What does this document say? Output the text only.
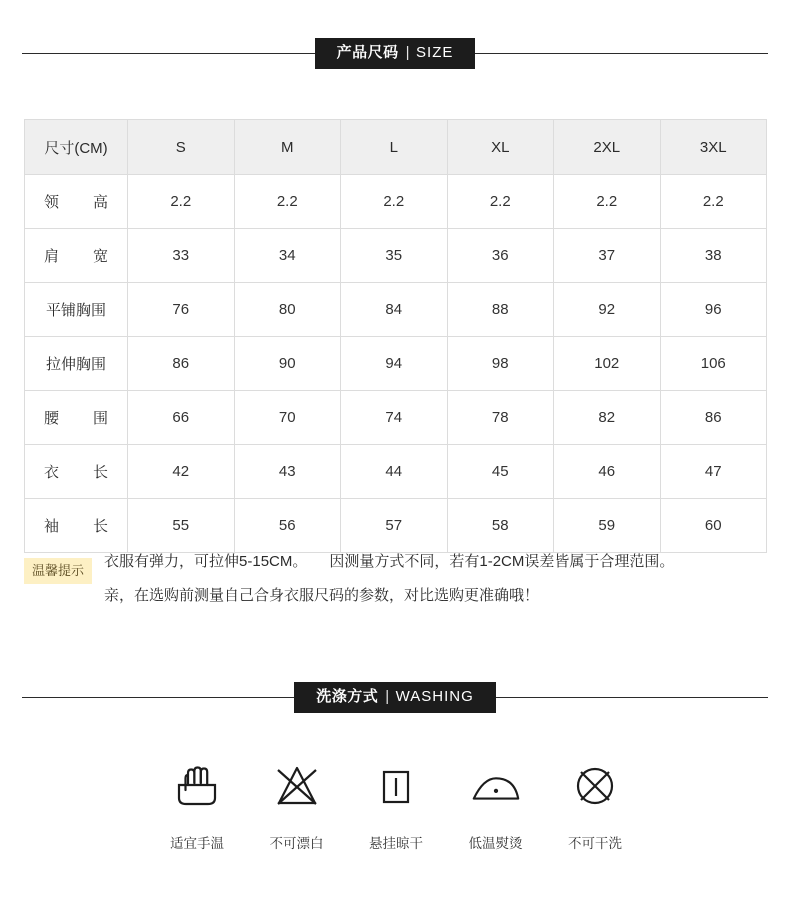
产品尺码 | SIZE
尺寸(CM)	S	M	L	XL	2XL	3XL
领 高	2.2	2.2	2.2	2.2	2.2	2.2
肩 宽	33	34	35	36	37	38
平铺胸围	76	80	84	88	92	96
拉伸胸围	86	90	94	98	102	106
腰 围	66	70	74	78	82	86
衣 长	42	43	44	45	46	47
袖 长	55	56	57	58	59	60
温馨提示
衣服有弹力，可拉伸5-15CM。 因测量方式不同，若有1-2CM误差皆属于合理范围。
亲，在选购前测量自己合身衣服尺码的参数，对比选购更准确哦！
洗涤方式 | WASHING
适宜手温	不可漂白	悬挂晾干	低温熨烫	不可干洗
